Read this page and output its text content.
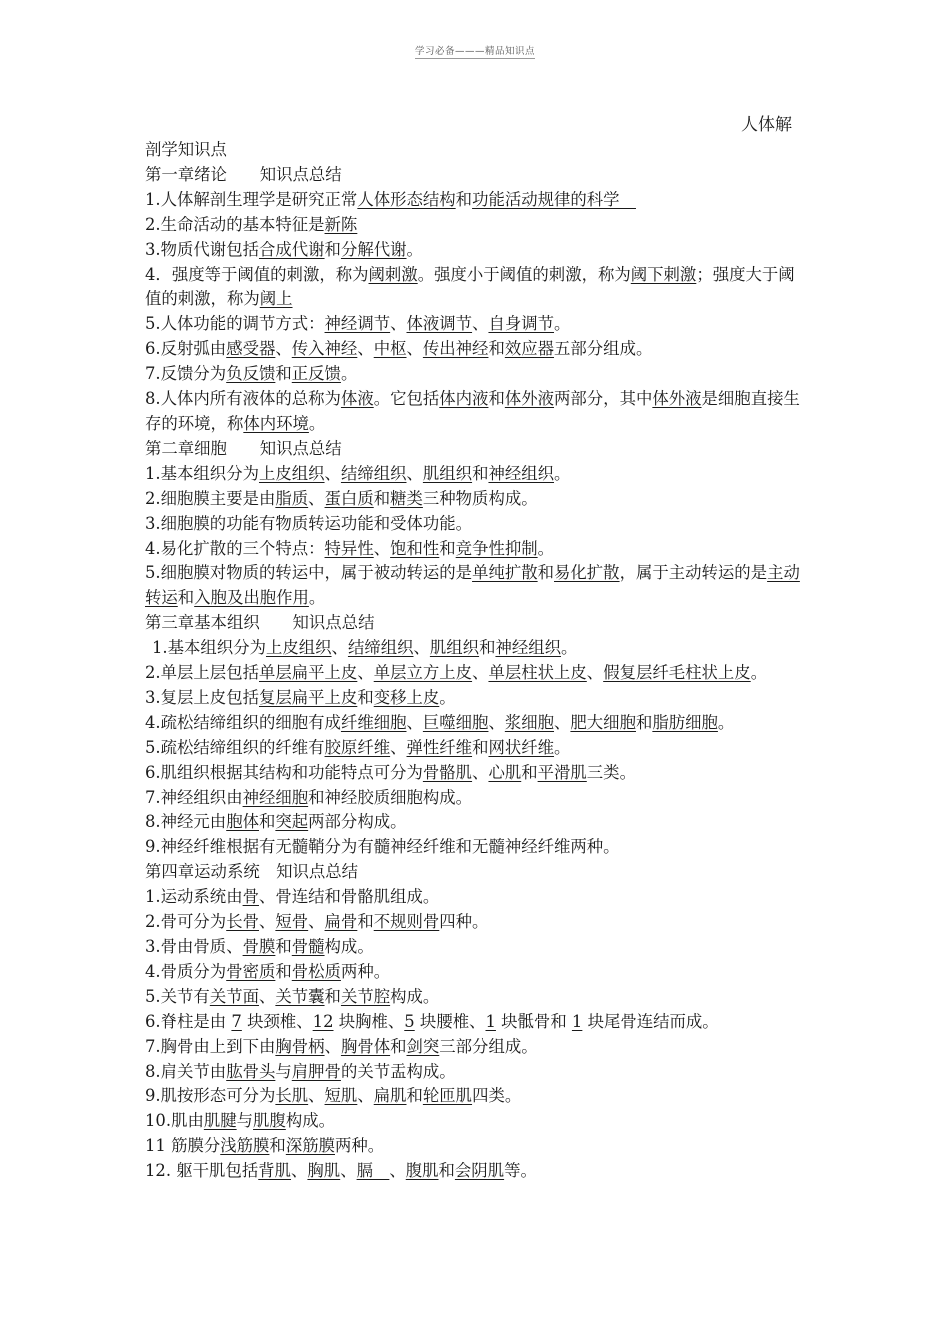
学习必备———精品知识点
人体解
剖学知识点
第一章绪论　　知识点总结
1.人体解剖生理学是研究正常人体形态结构和功能活动规律的科学　
2.生命活动的基本特征是新陈
3.物质代谢包括合成代谢和分解代谢。
4．强度等于阈值的刺激，称为阈刺激。强度小于阈值的刺激，称为阈下刺激；强度大于阈值的刺激，称为阈上
5.人体功能的调节方式：神经调节、体液调节、自身调节。
6.反射弧由感受器、传入神经、中枢、传出神经和效应器五部分组成。
7.反馈分为负反馈和正反馈。
8.人体内所有液体的总称为体液。它包括体内液和体外液两部分，其中体外液是细胞直接生存的环境，称体内环境。
第二章细胞　　知识点总结
1.基本组织分为上皮组织、结缔组织、肌组织和神经组织。
2.细胞膜主要是由脂质、蛋白质和糖类三种物质构成。
3.细胞膜的功能有物质转运功能和受体功能。
4.易化扩散的三个特点：特异性、饱和性和竞争性抑制。
5.细胞膜对物质的转运中，属于被动转运的是单纯扩散和易化扩散，属于主动转运的是主动转运和入胞及出胞作用。
第三章基本组织　　知识点总结
1.基本组织分为上皮组织、结缔组织、肌组织和神经组织。
2.单层上层包括单层扁平上皮、单层立方上皮、单层柱状上皮、假复层纤毛柱状上皮。
3.复层上皮包括复层扁平上皮和变移上皮。
4.疏松结缔组织的细胞有成纤维细胞、巨噬细胞、浆细胞、肥大细胞和脂肪细胞。
5.疏松结缔组织的纤维有胶原纤维、弹性纤维和网状纤维。
6.肌组织根据其结构和功能特点可分为骨骼肌、心肌和平滑肌三类。
7.神经组织由神经细胞和神经胶质细胞构成。
8.神经元由胞体和突起两部分构成。
9.神经纤维根据有无髓鞘分为有髓神经纤维和无髓神经纤维两种。
第四章运动系统　知识点总结
1.运动系统由骨、骨连结和骨骼肌组成。
2.骨可分为长骨、短骨、扁骨和不规则骨四种。
3.骨由骨质、骨膜和骨髓构成。
4.骨质分为骨密质和骨松质两种。
5.关节有关节面、关节囊和关节腔构成。
6.脊柱是由 7 块颈椎、12 块胸椎、5 块腰椎、1 块骶骨和 1 块尾骨连结而成。
7.胸骨由上到下由胸骨柄、胸骨体和剑突三部分组成。
8.肩关节由肱骨头与肩胛骨的关节盂构成。
9.肌按形态可分为长肌、短肌、扁肌和轮匝肌四类。
10.肌由肌腱与肌腹构成。
11 筋膜分浅筋膜和深筋膜两种。
12. 躯干肌包括背肌、胸肌、膈　、腹肌和会阴肌等。
